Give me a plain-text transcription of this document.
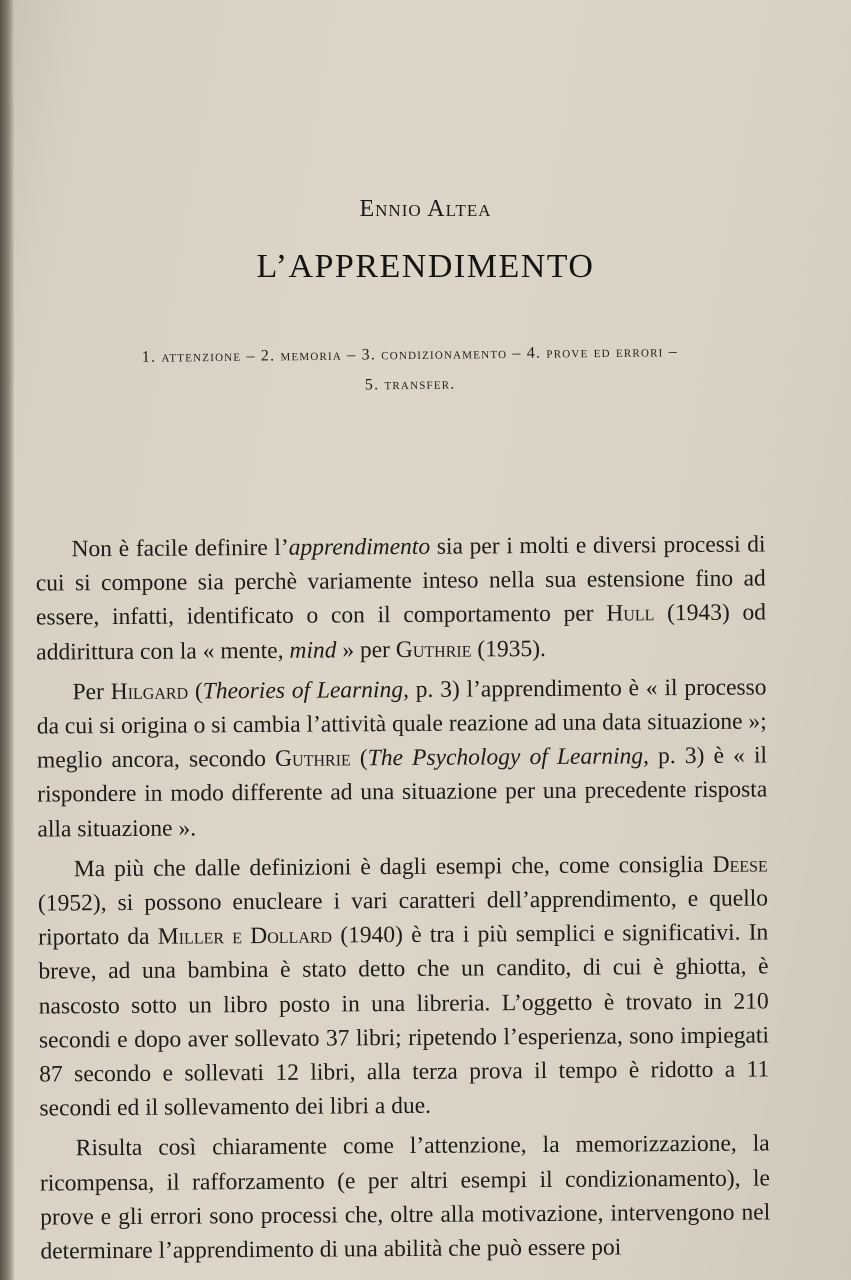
Ennio Altea
L’APPRENDIMENTO
1. attenzione – 2. memoria – 3. condizionamento – 4. prove ed errori –
5. transfer.

Non è facile definire l’apprendimento sia per i molti e diversi processi di cui si compone sia perchè variamente inteso nella sua estensione fino ad essere, infatti, identificato o con il comportamento per Hull (1943) od addirittura con la « mente, mind » per Guthrie (1935).

Per Hilgard (Theories of Learning, p. 3) l’apprendimento è « il processo da cui si origina o si cambia l’attività quale reazione ad una data situazione »; meglio ancora, secondo Guthrie (The Psychology of Learning, p. 3) è « il rispondere in modo differente ad una situazione per una precedente risposta alla situazione ».

Ma più che dalle definizioni è dagli esempi che, come consiglia Deese (1952), si possono enucleare i vari caratteri dell’apprendimento, e quello riportato da Miller e Dollard (1940) è tra i più semplici e significativi. In breve, ad una bambina è stato detto che un candito, di cui è ghiotta, è nascosto sotto un libro posto in una libreria. L’oggetto è trovato in 210 secondi e dopo aver sollevato 37 libri; ripetendo l’esperienza, sono impiegati 87 secondo e sollevati 12 libri, alla terza prova il tempo è ridotto a 11 secondi ed il sollevamento dei libri a due.

Risulta così chiaramente come l’attenzione, la memorizzazione, la ricompensa, il rafforzamento (e per altri esempi il condizionamento), le prove e gli errori sono processi che, oltre alla motivazione, intervengono nel determinare l’apprendimento di una abilità che può essere poi
